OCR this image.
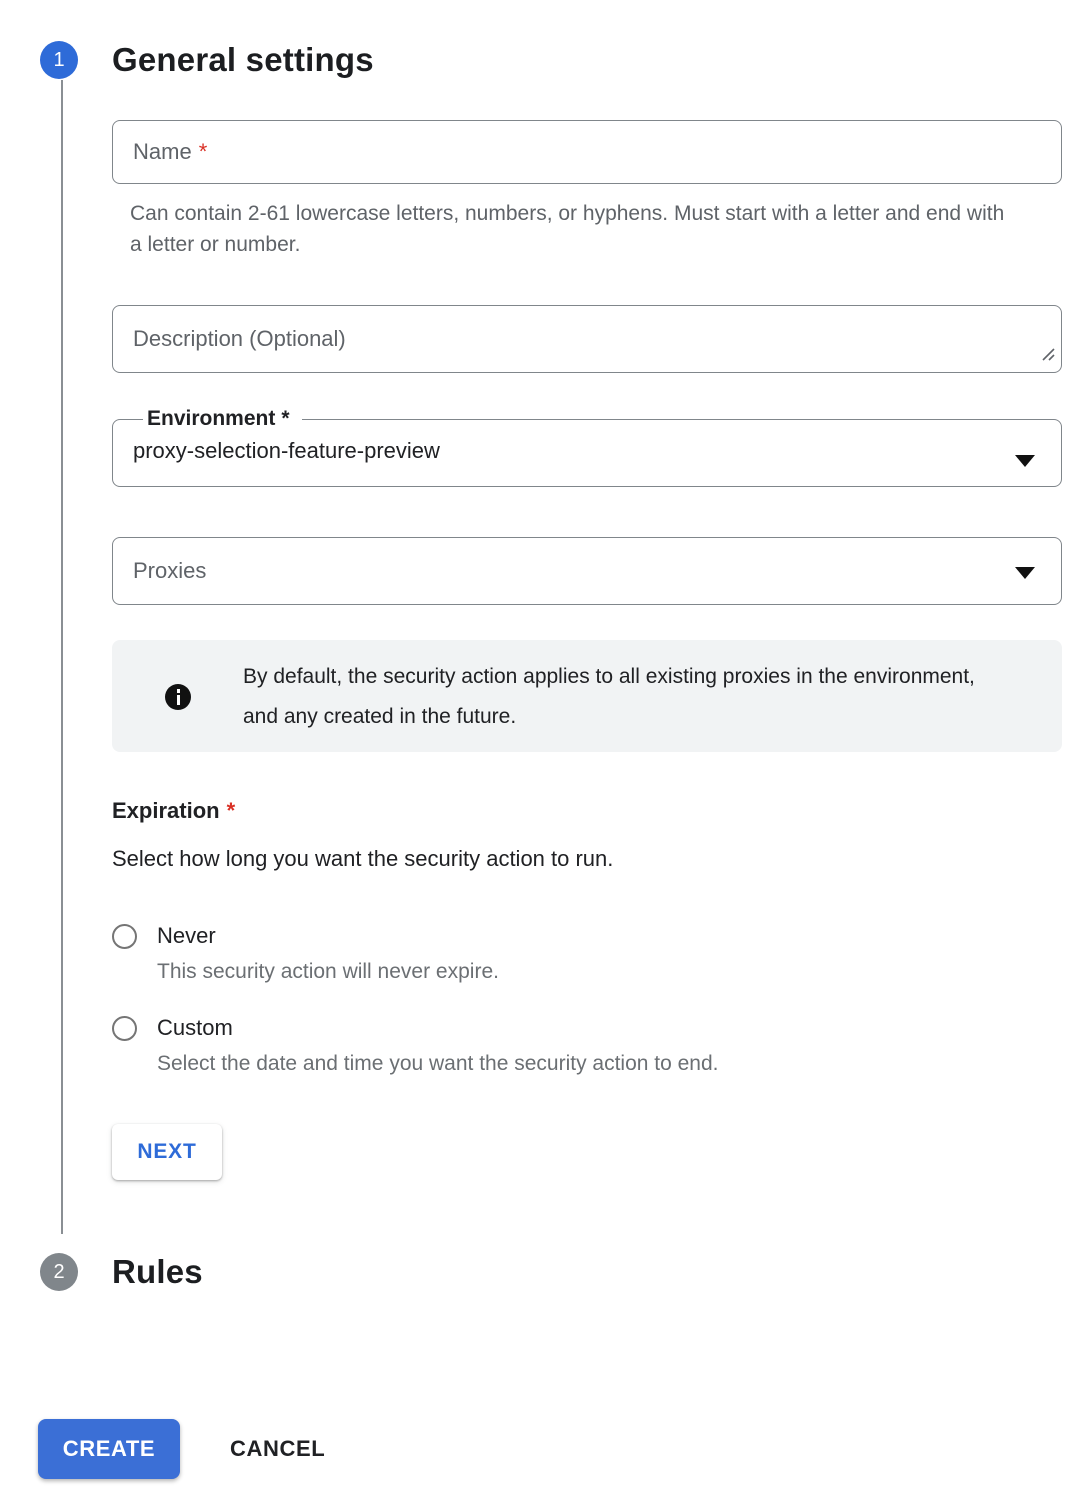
1 General settings
Name *
Can contain 2-61 lowercase letters, numbers, or hyphens. Must start with a letter and end with a letter or number.
Description (Optional)
Environment *
proxy-selection-feature-preview
Proxies
By default, the security action applies to all existing proxies in the environment, and any created in the future.
Expiration *
Select how long you want the security action to run.
Never
This security action will never expire.
Custom
Select the date and time you want the security action to end.
NEXT
2 Rules
CREATE	CANCEL
